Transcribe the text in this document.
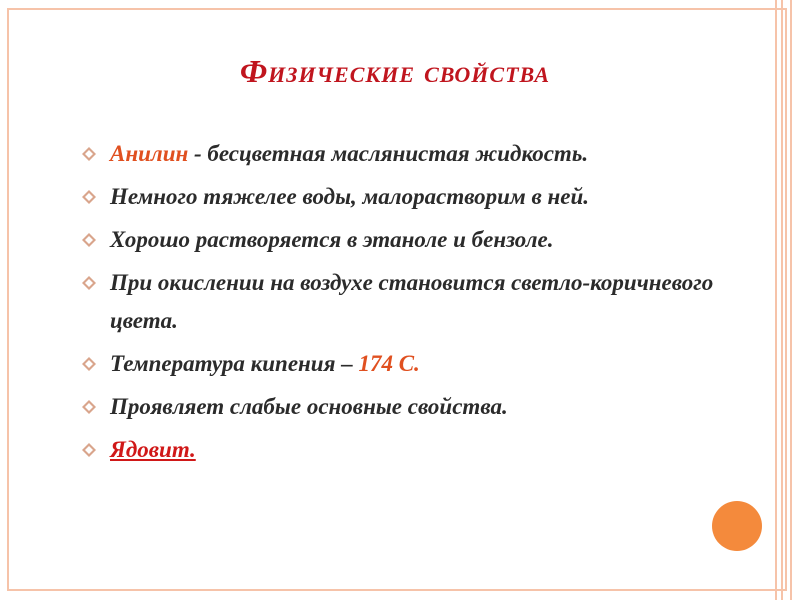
Физические свойства
Анилин - бесцветная маслянистая жидкость.
Немного тяжелее воды, малорастворим в ней.
Хорошо растворяется в этаноле и бензоле.
При окислении на воздухе становится светло-коричневого цвета.
Температура кипения – 174 С.
Проявляет слабые основные свойства.
Ядовит.
